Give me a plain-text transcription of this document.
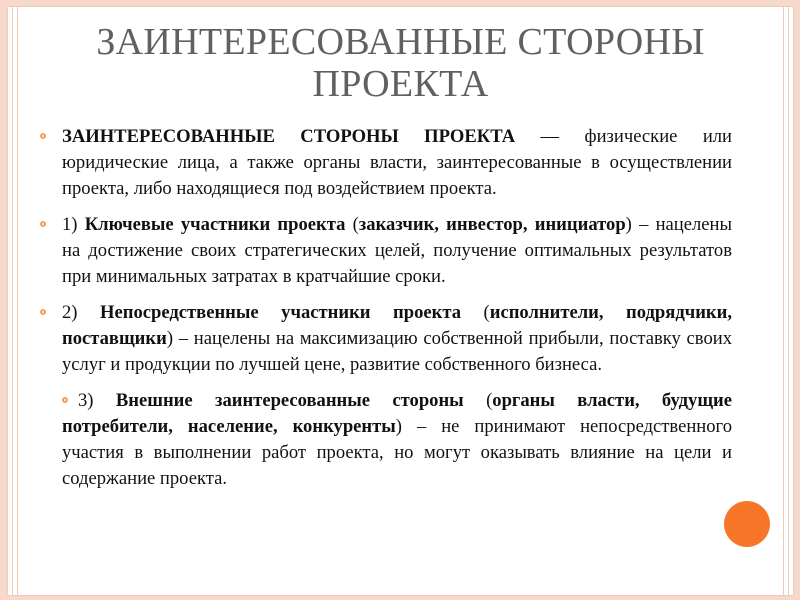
ЗАИНТЕРЕСОВАННЫЕ СТОРОНЫ ПРОЕКТА
ЗАИНТЕРЕСОВАННЫЕ СТОРОНЫ ПРОЕКТА — физические или юридические лица, а также органы власти, заинтересованные в осуществлении проекта, либо находящиеся под воздействием проекта.
1) Ключевые участники проекта (заказчик, инвестор, инициатор) – нацелены на достижение своих стратегических целей, получение оптимальных результатов при минимальных затратах в кратчайшие сроки.
2) Непосредственные участники проекта (исполнители, подрядчики, поставщики) – нацелены на максимизацию собственной прибыли, поставку своих услуг и продукции по лучшей цене, развитие собственного бизнеса.
3) Внешние заинтересованные стороны (органы власти, будущие потребители, население, конкуренты) – не принимают непосредственного участия в выполнении работ проекта, но могут оказывать влияние на цели и содержание проекта.
